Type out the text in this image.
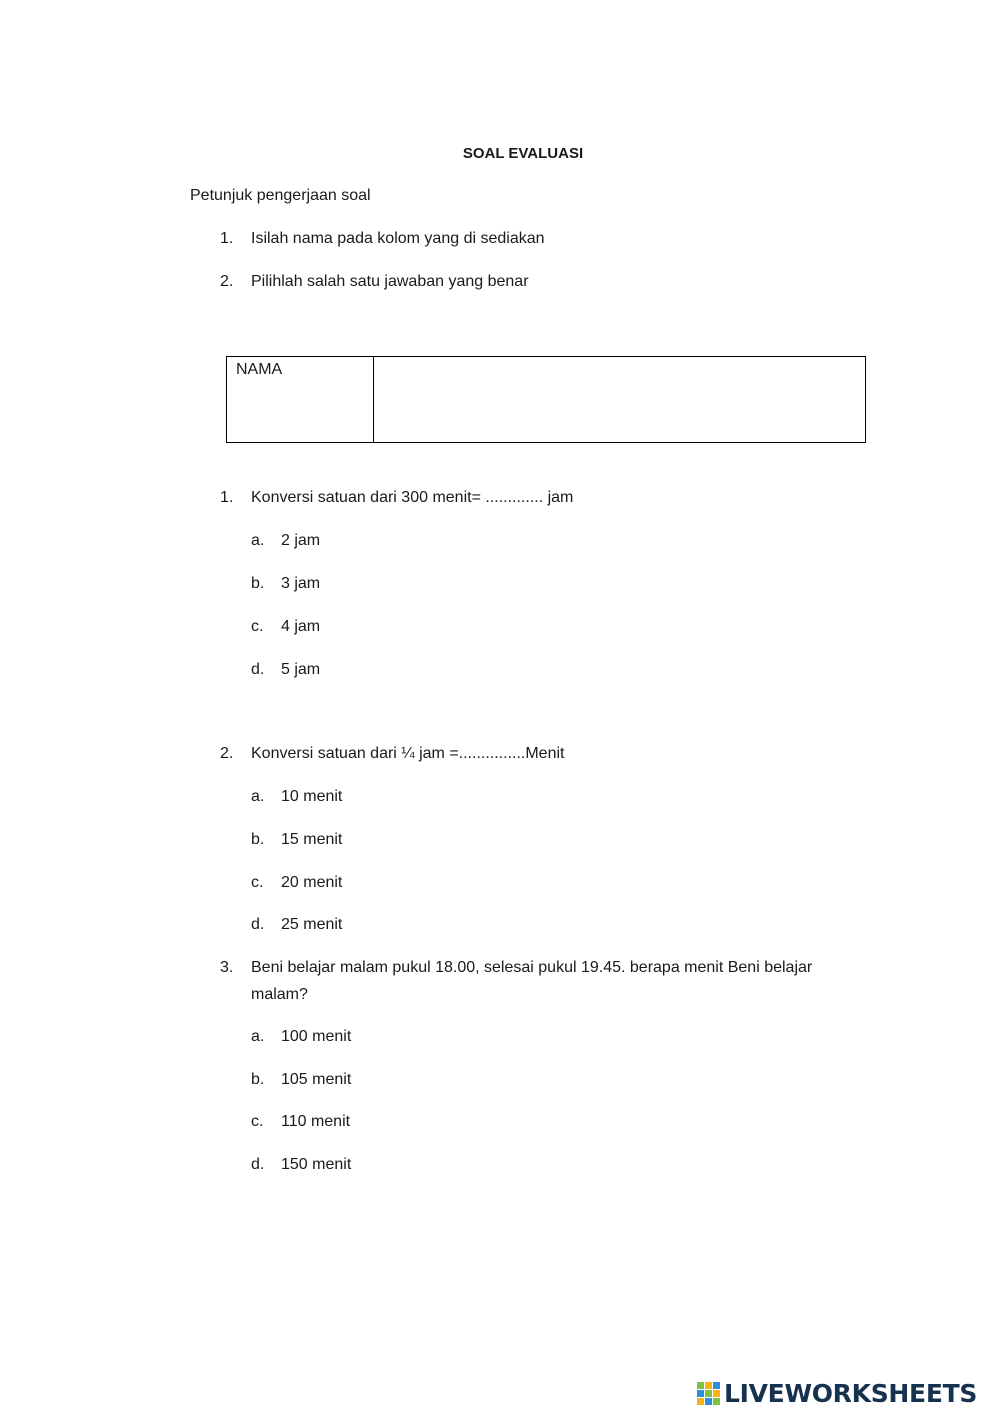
SOAL EVALUASI
Petunjuk pengerjaan soal
1. Isilah nama pada kolom yang di sediakan
2. Pilihlah salah satu jawaban yang benar
NAMA

1. Konversi satuan dari 300 menit= ............. jam
a. 2 jam
b. 3 jam
c. 4 jam
d. 5 jam
2. Konversi satuan dari ¼ jam =...............Menit
a. 10 menit
b. 15 menit
c. 20 menit
d. 25 menit
3. Beni belajar malam pukul 18.00, selesai pukul 19.45. berapa menit Beni belajar malam?
a. 100 menit
b. 105 menit
c. 110 menit
d. 150 menit
LIVEWORKSHEETS
